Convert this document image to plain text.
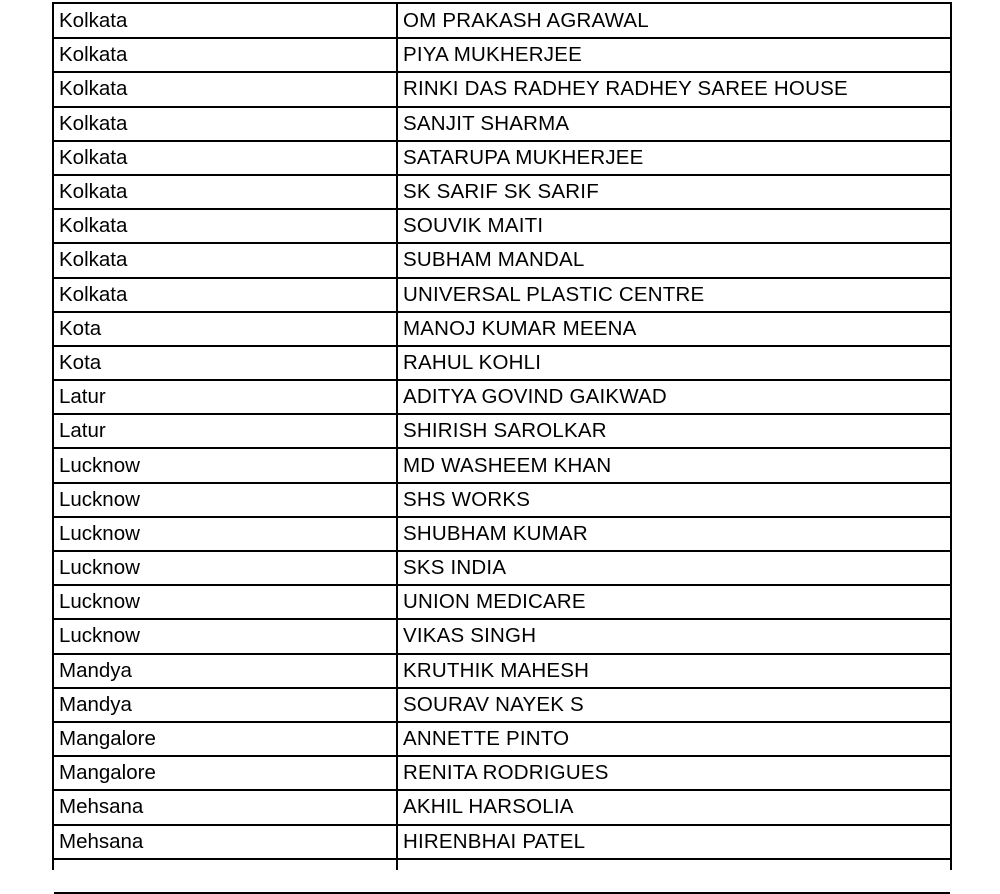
Kolkata	OM PRAKASH AGRAWAL
Kolkata	PIYA MUKHERJEE
Kolkata	RINKI DAS RADHEY RADHEY SAREE HOUSE
Kolkata	SANJIT SHARMA
Kolkata	SATARUPA MUKHERJEE
Kolkata	SK SARIF SK SARIF
Kolkata	SOUVIK MAITI
Kolkata	SUBHAM MANDAL
Kolkata	UNIVERSAL PLASTIC CENTRE
Kota	MANOJ KUMAR MEENA
Kota	RAHUL KOHLI
Latur	ADITYA GOVIND GAIKWAD
Latur	SHIRISH SAROLKAR
Lucknow	MD WASHEEM KHAN
Lucknow	SHS WORKS
Lucknow	SHUBHAM KUMAR
Lucknow	SKS INDIA
Lucknow	UNION MEDICARE
Lucknow	VIKAS SINGH
Mandya	KRUTHIK MAHESH
Mandya	SOURAV NAYEK S
Mangalore	ANNETTE PINTO
Mangalore	RENITA RODRIGUES
Mehsana	AKHIL HARSOLIA
Mehsana	HIRENBHAI PATEL
